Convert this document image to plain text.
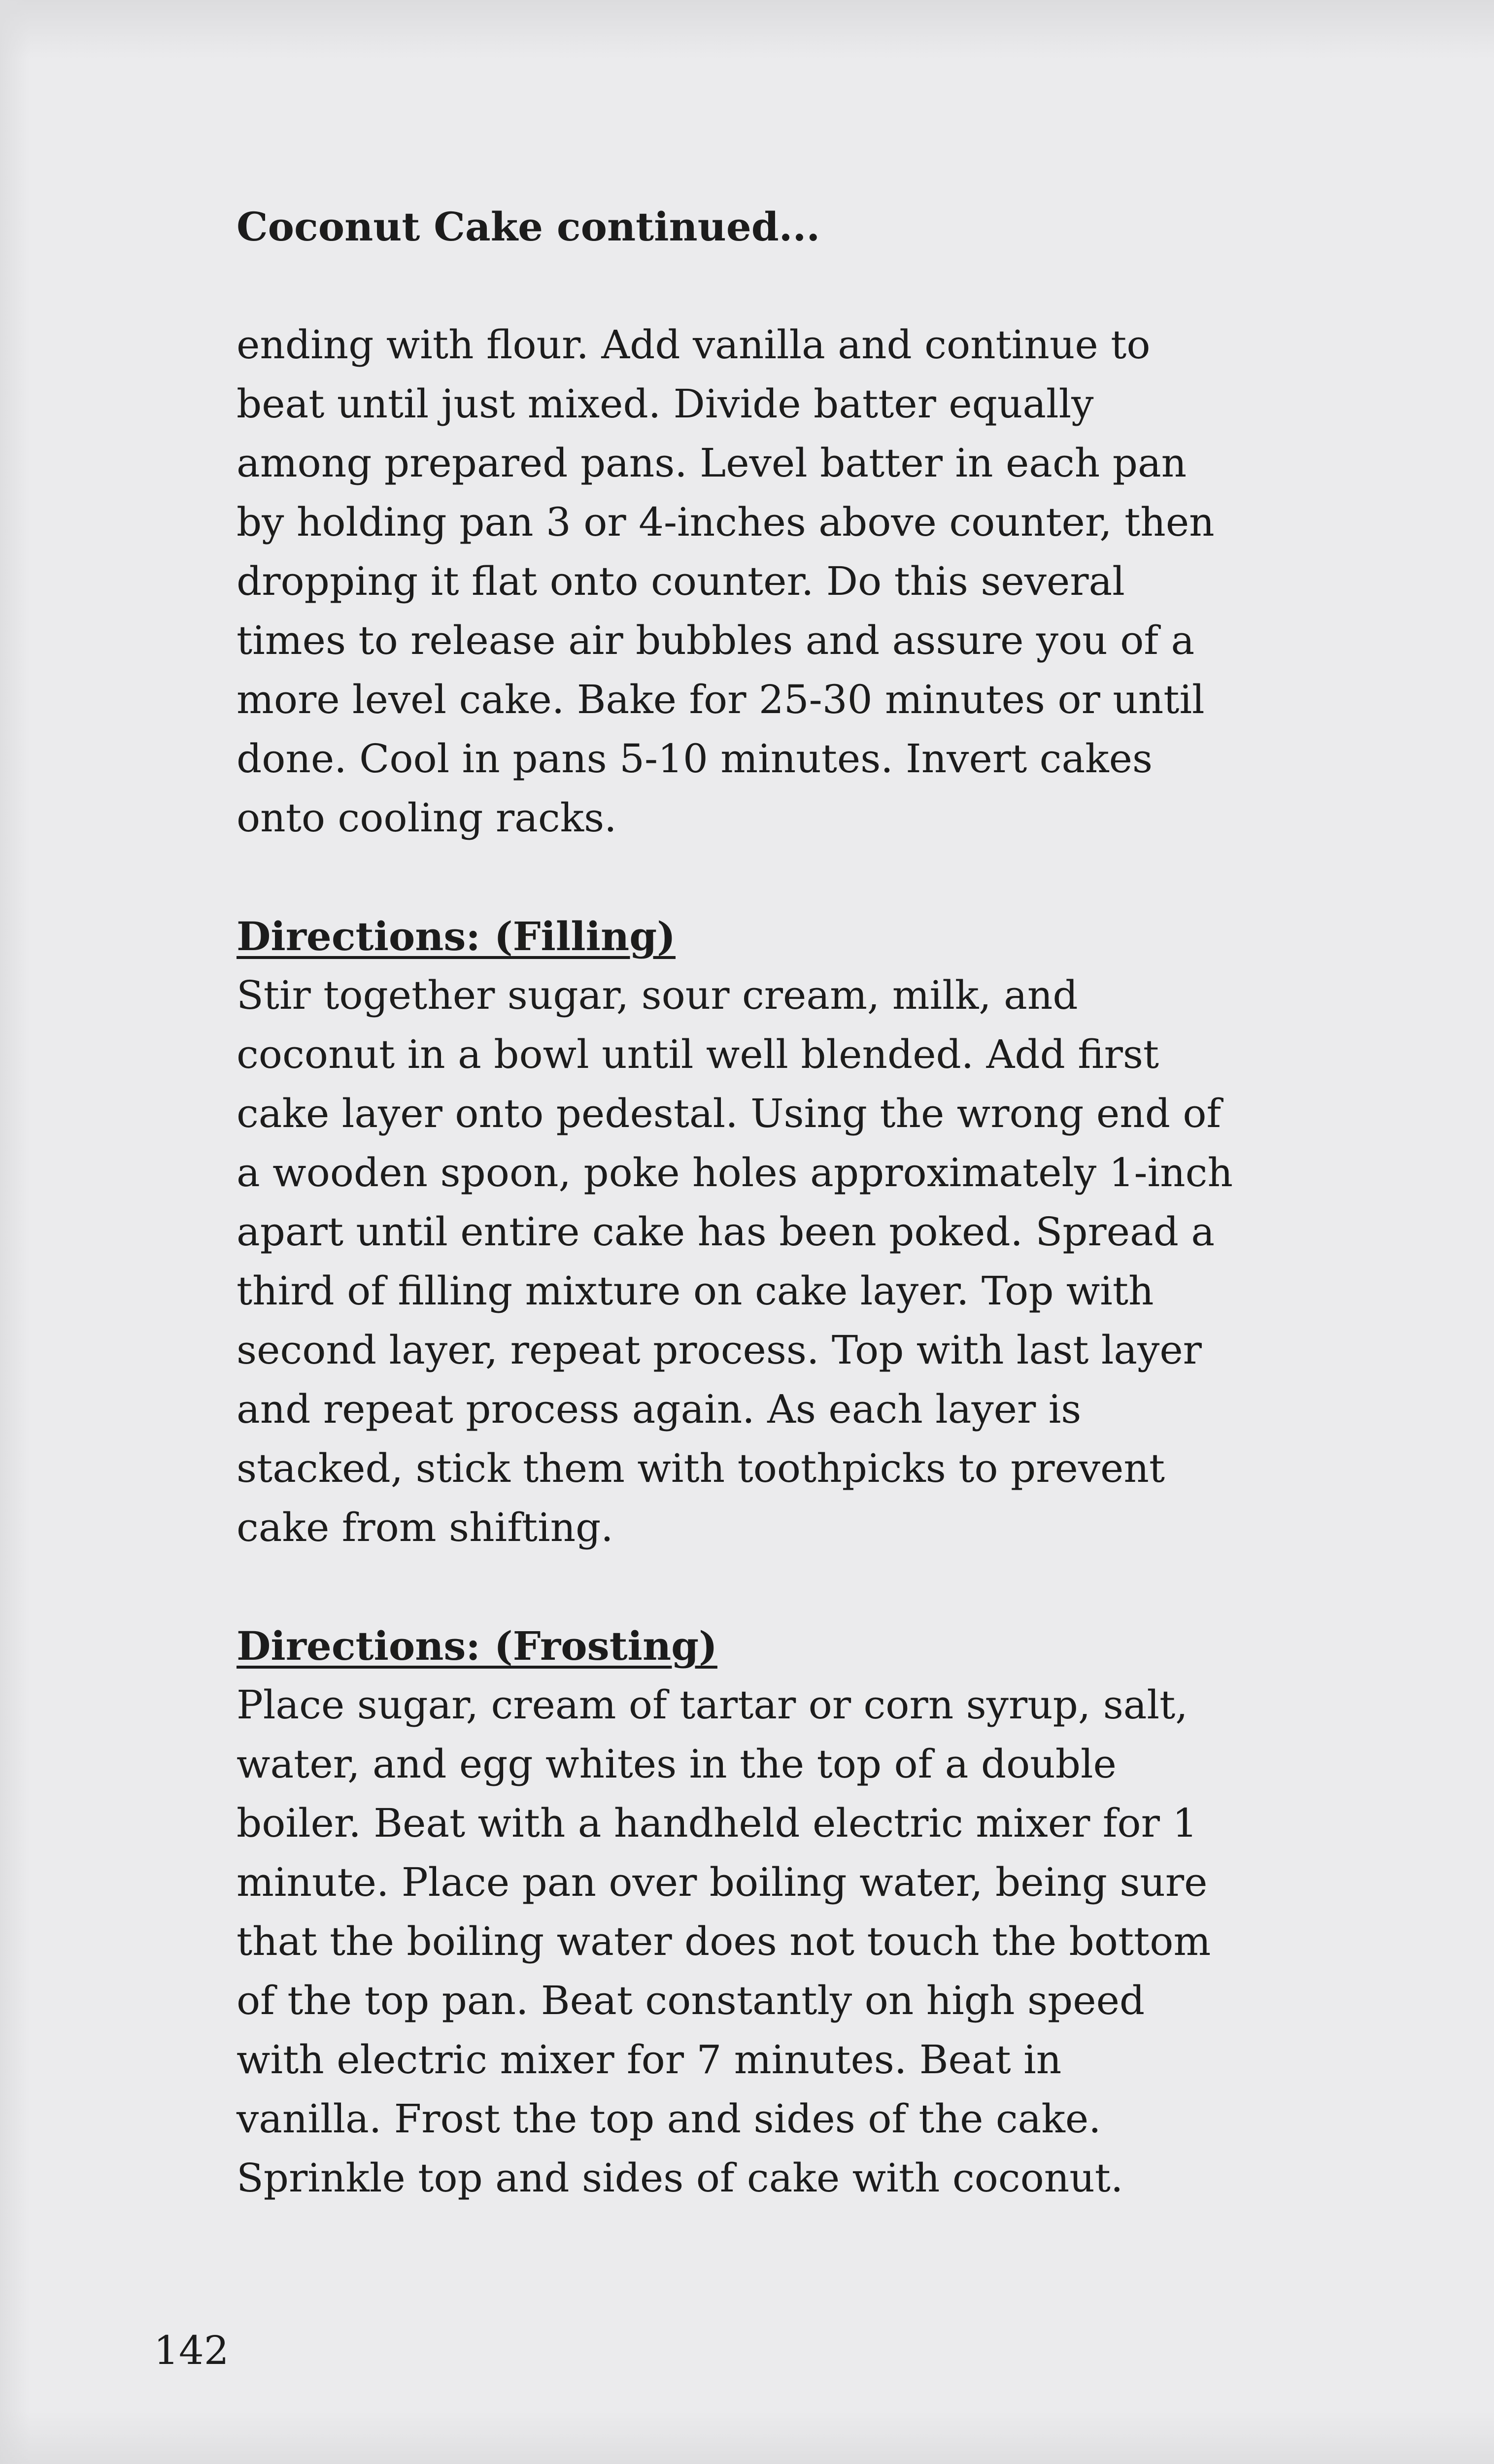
Coconut Cake continued...

ending with flour. Add vanilla and continue to
beat until just mixed. Divide batter equally
among prepared pans. Level batter in each pan
by holding pan 3 or 4-inches above counter, then
dropping it flat onto counter. Do this several
times to release air bubbles and assure you of a
more level cake. Bake for 25-30 minutes or until
done. Cool in pans 5-10 minutes. Invert cakes
onto cooling racks.

Directions: (Filling)

Stir together sugar, sour cream, milk, and
coconut in a bowl until well blended. Add first
cake layer onto pedestal. Using the wrong end of
a wooden spoon, poke holes approximately 1-inch
apart until entire cake has been poked. Spread a
third of filling mixture on cake layer. Top with
second layer, repeat process. Top with last layer
and repeat process again. As each layer is
stacked, stick them with toothpicks to prevent
cake from shifting.

Directions: (Frosting)

Place sugar, cream of tartar or corn syrup, salt,
water, and egg whites in the top of a double
boiler. Beat with a handheld electric mixer for 1
minute. Place pan over boiling water, being sure
that the boiling water does not touch the bottom
of the top pan. Beat constantly on high speed
with electric mixer for 7 minutes. Beat in
vanilla. Frost the top and sides of the cake.
Sprinkle top and sides of cake with coconut.

142
